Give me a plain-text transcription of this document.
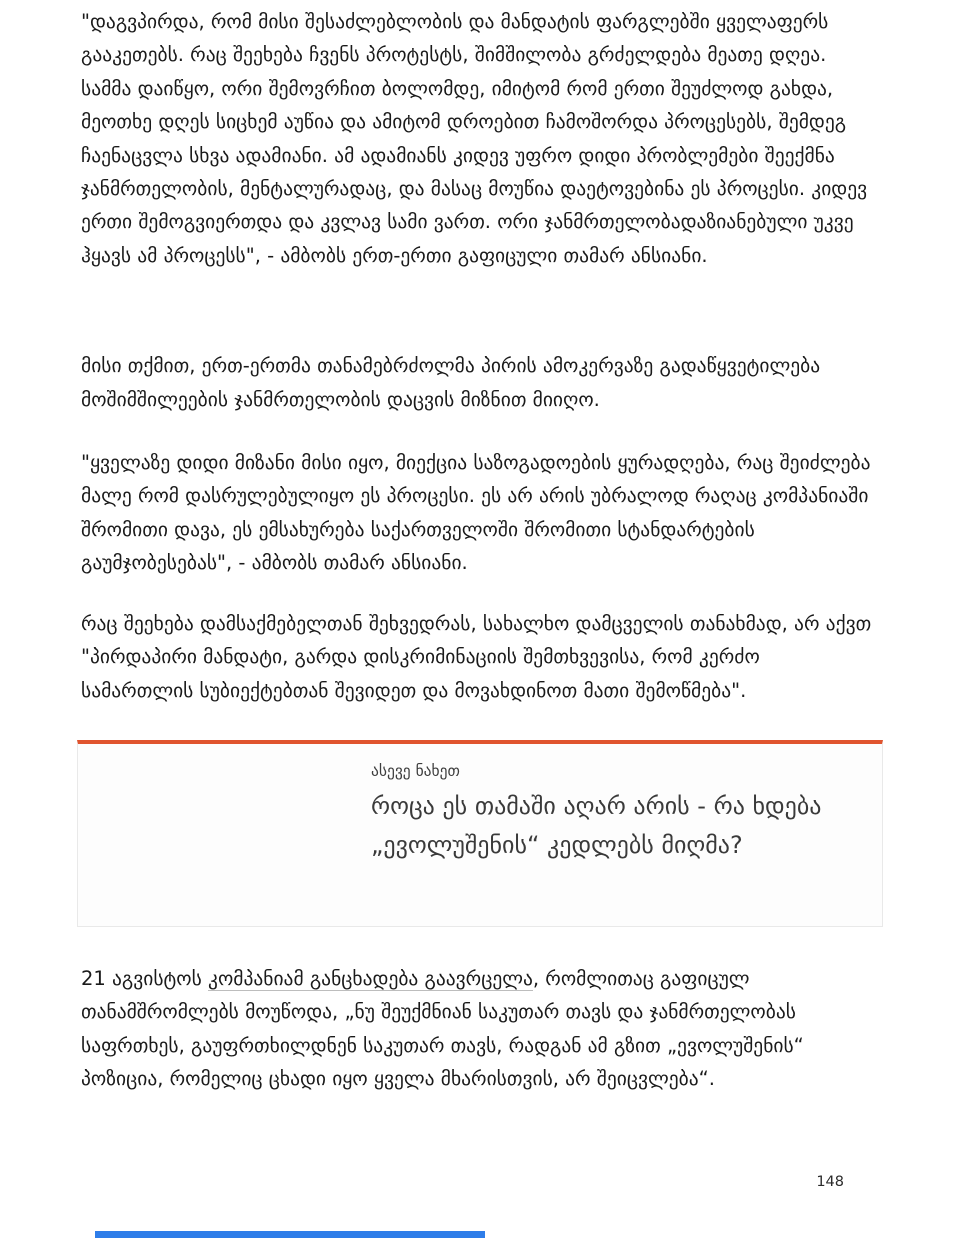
"დაგვპირდა, რომ მისი შესაძლებლობის და მანდატის ფარგლებში ყველაფერს გააკეთებს. რაც შეეხება ჩვენს პროტესტს, შიმშილობა გრძელდება მეათე დღეა. სამმა დაიწყო, ორი შემოვრჩით ბოლომდე, იმიტომ რომ ერთი შეუძლოდ გახდა, მეოთხე დღეს სიცხემ აუწია და ამიტომ დროებით ჩამოშორდა პროცესებს, შემდეგ ჩაენაცვლა სხვა ადამიანი. ამ ადამიანს კიდევ უფრო დიდი პრობლემები შეექმნა ჯანმრთელობის, მენტალურადაც, და მასაც მოუწია დაეტოვებინა ეს პროცესი. კიდევ ერთი შემოგვიერთდა და კვლავ სამი ვართ. ორი ჯანმრთელობადაზიანებული უკვე ჰყავს ამ პროცესს", - ამბობს ერთ-ერთი გაფიცული თამარ ანსიანი.

მისი თქმით, ერთ-ერთმა თანამებრძოლმა პირის ამოკერვაზე გადაწყვეტილება მოშიმშილეების ჯანმრთელობის დაცვის მიზნით მიიღო.

"ყველაზე დიდი მიზანი მისი იყო, მიექცია საზოგადოების ყურადღება, რაც შეიძლება მალე რომ დასრულებულიყო ეს პროცესი. ეს არ არის უბრალოდ რაღაც კომპანიაში შრომითი დავა, ეს ემსახურება საქართველოში შრომითი სტანდარტების გაუმჯობესებას", - ამბობს თამარ ანსიანი.

რაც შეეხება დამსაქმებელთან შეხვედრას, სახალხო დამცველის თანახმად, არ აქვთ "პირდაპირი მანდატი, გარდა დისკრიმინაციის შემთხვევისა, რომ კერძო სამართლის სუბიექტებთან შევიდეთ და მოვახდინოთ მათი შემოწმება".

ასევე ნახეთ
როცა ეს თამაში აღარ არის - რა ხდება „ევოლუშენის“ კედლებს მიღმა?

21 აგვისტოს კომპანიამ განცხადება გაავრცელა, რომლითაც გაფიცულ თანამშრომლებს მოუწოდა, „ნუ შეუქმნიან საკუთარ თავს და ჯანმრთელობას საფრთხეს, გაუფრთხილდნენ საკუთარ თავს, რადგან ამ გზით „ევოლუშენის“ პოზიცია, რომელიც ცხადი იყო ყველა მხარისთვის, არ შეიცვლება“.

148
